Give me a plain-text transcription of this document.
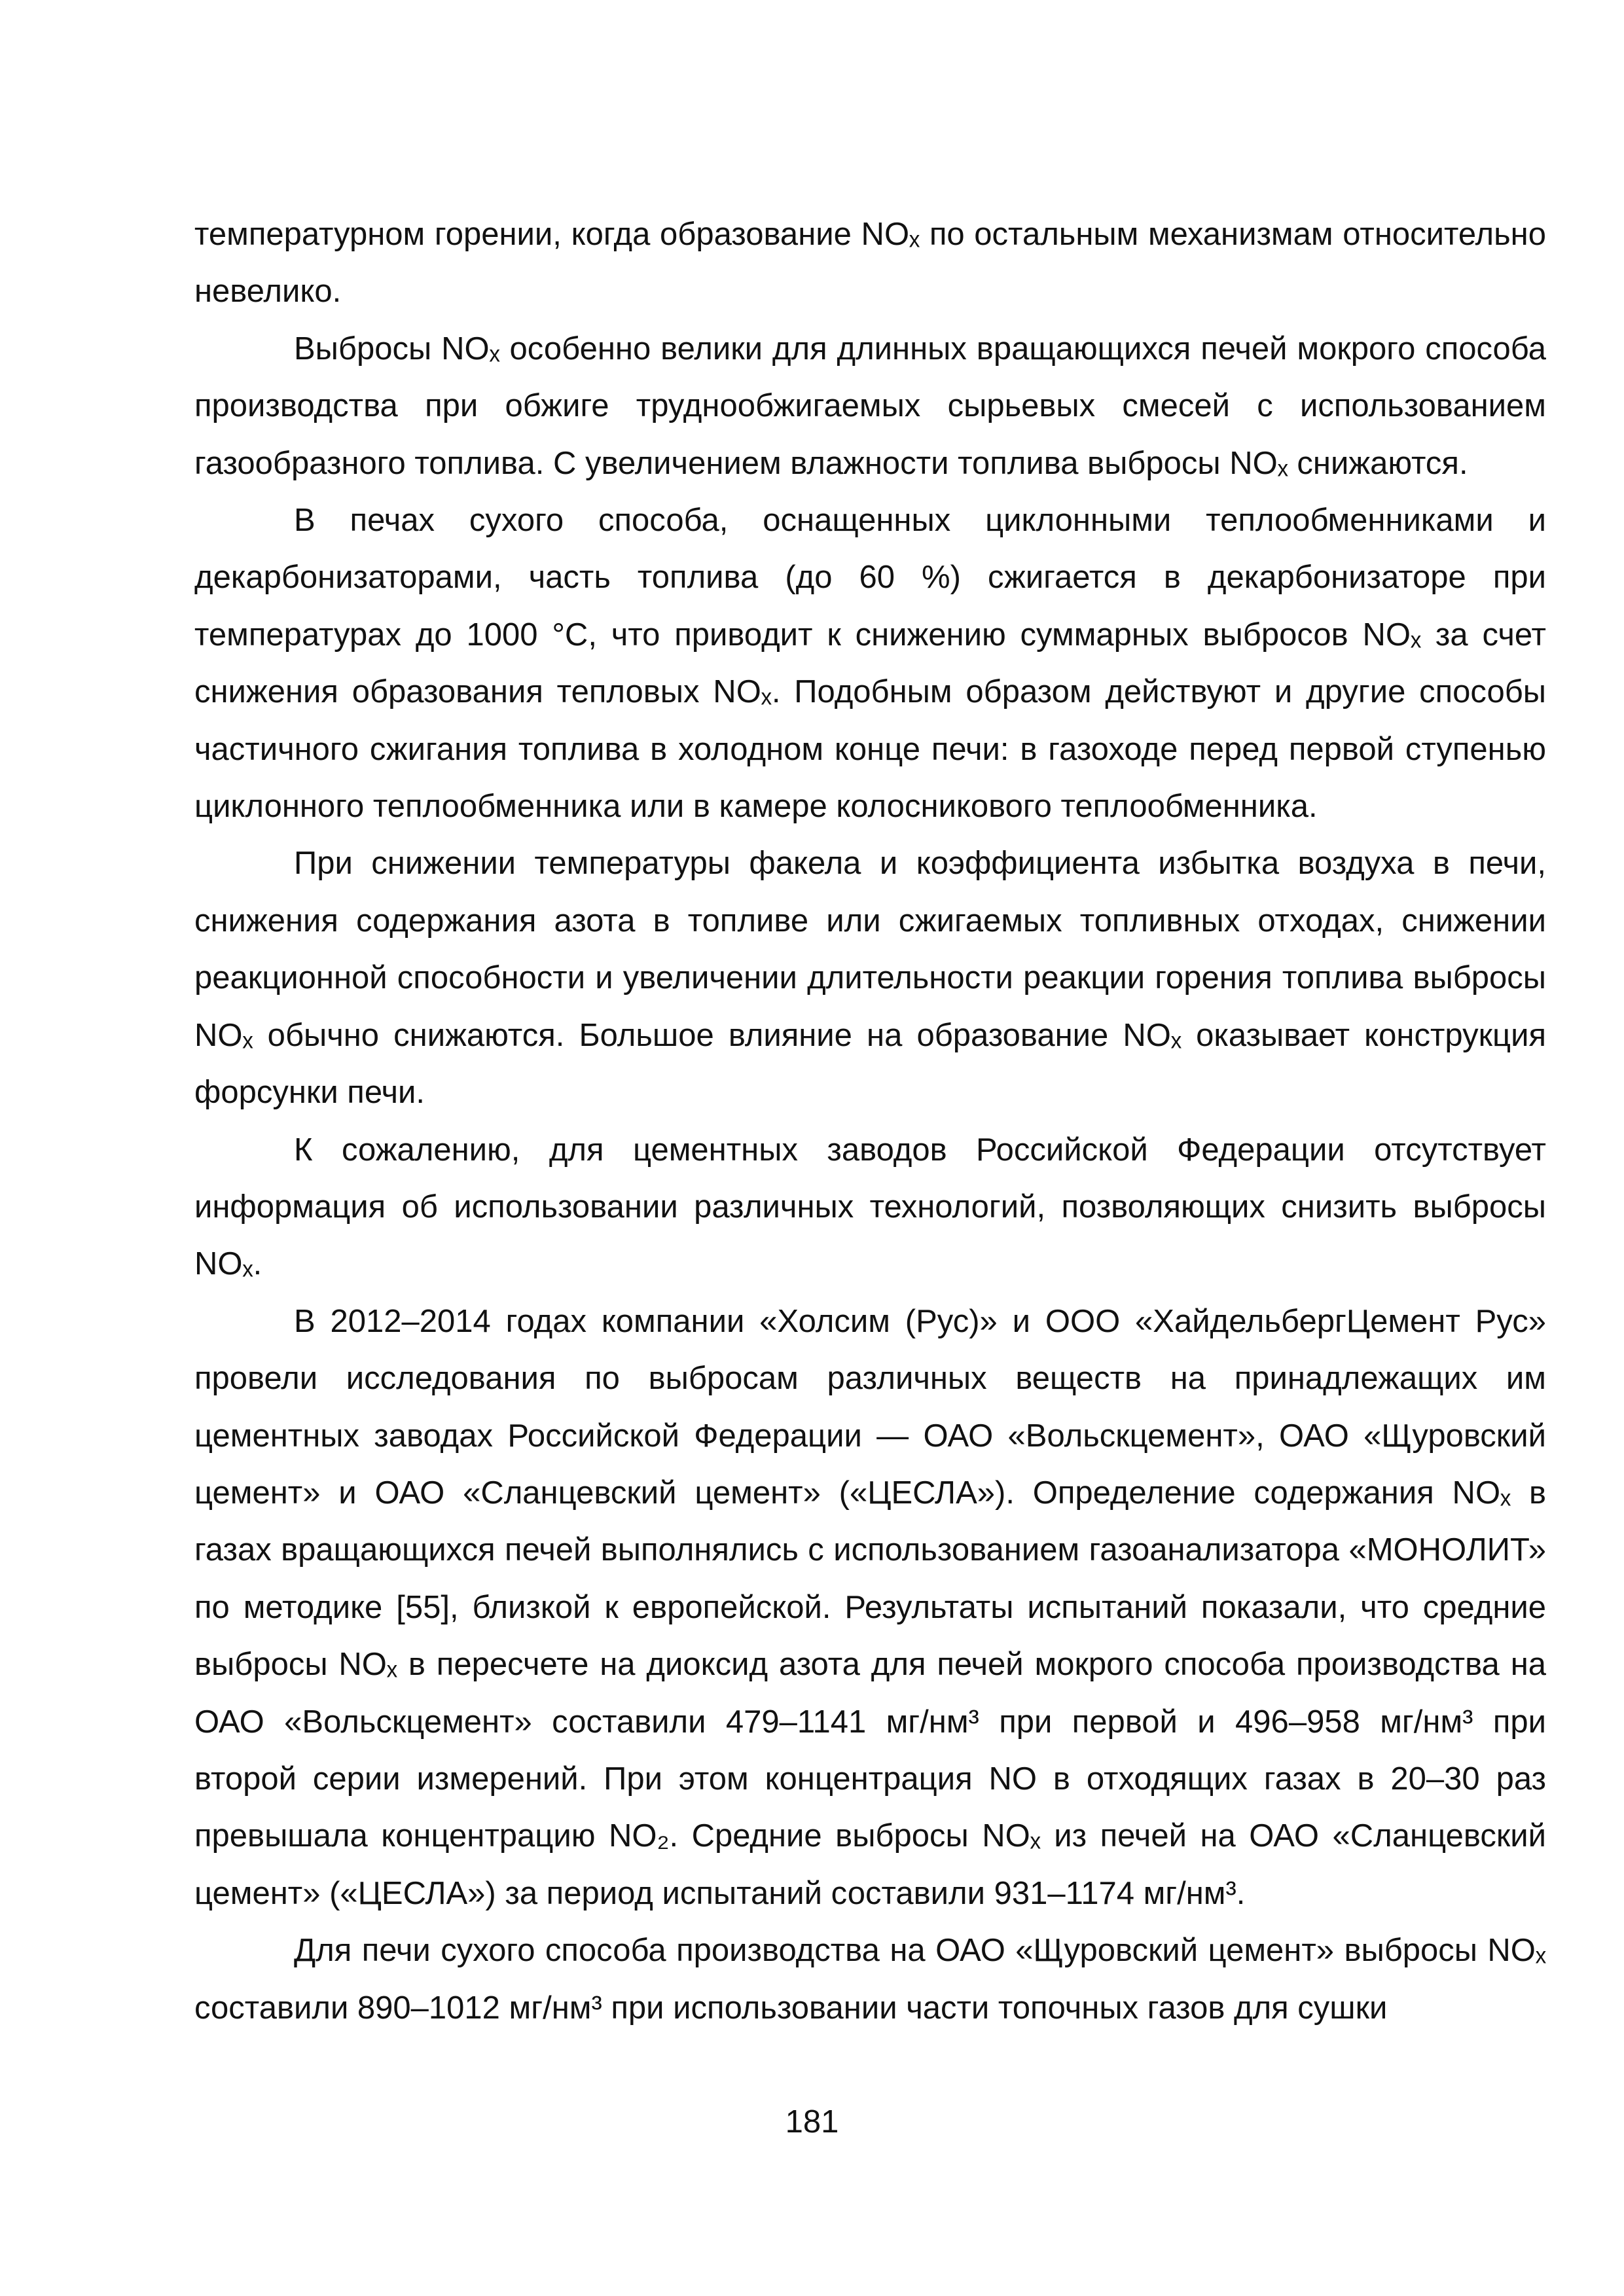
температурном горении, когда образование NOₓ по остальным механизмам относительно невелико.

Выбросы NOₓ особенно велики для длинных вращающихся печей мокрого способа производства при обжиге труднообжигаемых сырьевых смесей с использованием газообразного топлива. С увеличением влажности топлива выбросы NOₓ снижаются.

В печах сухого способа, оснащенных циклонными теплообменниками и декарбонизаторами, часть топлива (до 60 %) сжигается в декарбонизаторе при температурах до 1000 °C, что приводит к снижению суммарных выбросов NOₓ за счет снижения образования тепловых NOₓ. Подобным образом действуют и другие способы частичного сжигания топлива в холодном конце печи: в газоходе перед первой ступенью циклонного теплообменника или в камере колосникового теплообменника.

При снижении температуры факела и коэффициента избытка воздуха в печи, снижения содержания азота в топливе или сжигаемых топливных отходах, снижении реакционной способности и увеличении длительности реакции горения топлива выбросы NOₓ обычно снижаются. Большое влияние на образование NOₓ оказывает конструкция форсунки печи.

К сожалению, для цементных заводов Российской Федерации отсутствует информация об использовании различных технологий, позволяющих снизить выбросы NOₓ.

В 2012–2014 годах компании «Холсим (Рус)» и ООО «ХайдельбергЦемент Рус» провели исследования по выбросам различных веществ на принадлежащих им цементных заводах Российской Федерации — ОАО «Вольскцемент», ОАО «Щуровский цемент» и ОАО «Сланцевский цемент» («ЦЕСЛА»). Определение содержания NOₓ в газах вращающихся печей выполнялись с использованием газоанализатора «МОНОЛИТ» по методике [55], близкой к европейской. Результаты испытаний показали, что средние выбросы NOₓ в пересчете на диоксид азота для печей мокрого способа производства на ОАО «Вольскцемент» составили 479–1141 мг/нм³ при первой и 496–958 мг/нм³ при второй серии измерений. При этом концентрация NO в отходящих газах в 20–30 раз превышала концентрацию NO₂. Средние выбросы NOₓ из печей на ОАО «Сланцевский цемент» («ЦЕСЛА») за период испытаний составили 931–1174 мг/нм³.

Для печи сухого способа производства на ОАО «Щуровский цемент» выбросы NOₓ составили 890–1012 мг/нм³ при использовании части топочных газов для сушки

181
